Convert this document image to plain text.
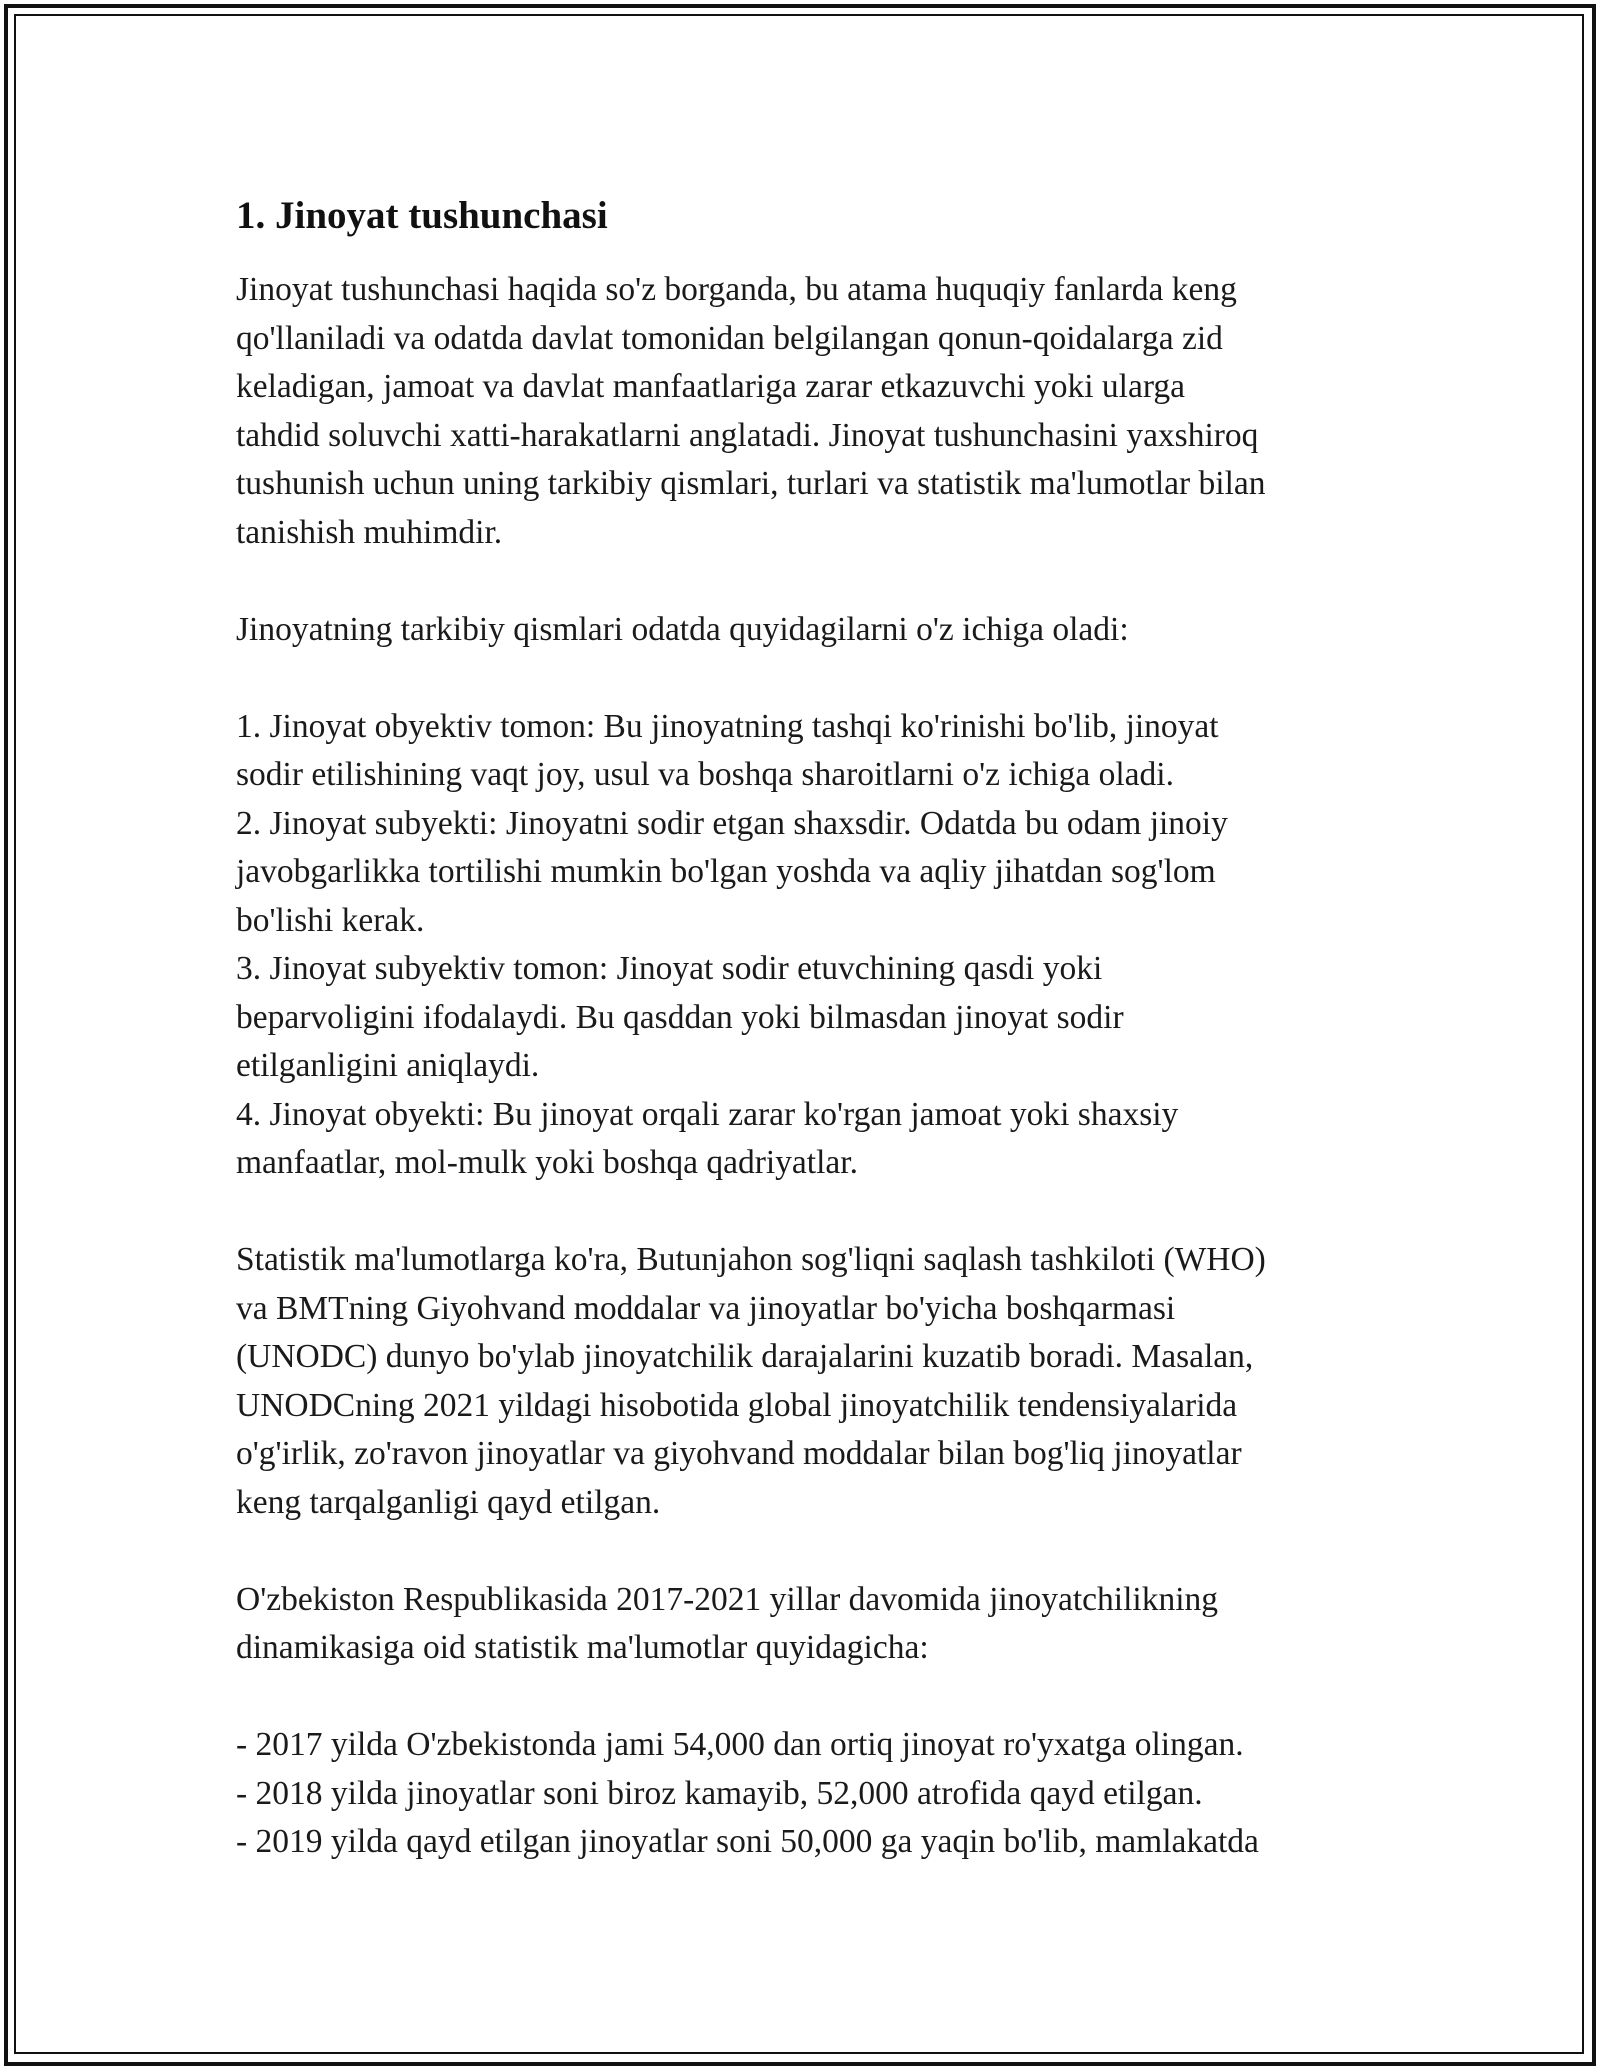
1. Jinoyat tushunchasi

Jinoyat tushunchasi haqida so'z borganda, bu atama huquqiy fanlarda keng
qo'llaniladi va odatda davlat tomonidan belgilangan qonun-qoidalarga zid
keladigan, jamoat va davlat manfaatlariga zarar etkazuvchi yoki ularga
tahdid soluvchi xatti-harakatlarni anglatadi. Jinoyat tushunchasini yaxshiroq
tushunish uchun uning tarkibiy qismlari, turlari va statistik ma'lumotlar bilan
tanishish muhimdir.

Jinoyatning tarkibiy qismlari odatda quyidagilarni o'z ichiga oladi:

1. Jinoyat obyektiv tomon: Bu jinoyatning tashqi ko'rinishi bo'lib, jinoyat
sodir etilishining vaqt joy, usul va boshqa sharoitlarni o'z ichiga oladi.
2. Jinoyat subyekti: Jinoyatni sodir etgan shaxsdir. Odatda bu odam jinoiy
javobgarlikka tortilishi mumkin bo'lgan yoshda va aqliy jihatdan sog'lom
bo'lishi kerak.
3. Jinoyat subyektiv tomon: Jinoyat sodir etuvchining qasdi yoki
beparvoligini ifodalaydi. Bu qasddan yoki bilmasdan jinoyat sodir
etilganligini aniqlaydi.
4. Jinoyat obyekti: Bu jinoyat orqali zarar ko'rgan jamoat yoki shaxsiy
manfaatlar, mol-mulk yoki boshqa qadriyatlar.

Statistik ma'lumotlarga ko'ra, Butunjahon sog'liqni saqlash tashkiloti (WHO)
va BMTning Giyohvand moddalar va jinoyatlar bo'yicha boshqarmasi
(UNODC) dunyo bo'ylab jinoyatchilik darajalarini kuzatib boradi. Masalan,
UNODCning 2021 yildagi hisobotida global jinoyatchilik tendensiyalarida
o'g'irlik, zo'ravon jinoyatlar va giyohvand moddalar bilan bog'liq jinoyatlar
keng tarqalganligi qayd etilgan.

O'zbekiston Respublikasida 2017-2021 yillar davomida jinoyatchilikning
dinamikasiga oid statistik ma'lumotlar quyidagicha:

- 2017 yilda O'zbekistonda jami 54,000 dan ortiq jinoyat ro'yxatga olingan.
- 2018 yilda jinoyatlar soni biroz kamayib, 52,000 atrofida qayd etilgan.
- 2019 yilda qayd etilgan jinoyatlar soni 50,000 ga yaqin bo'lib, mamlakatda
